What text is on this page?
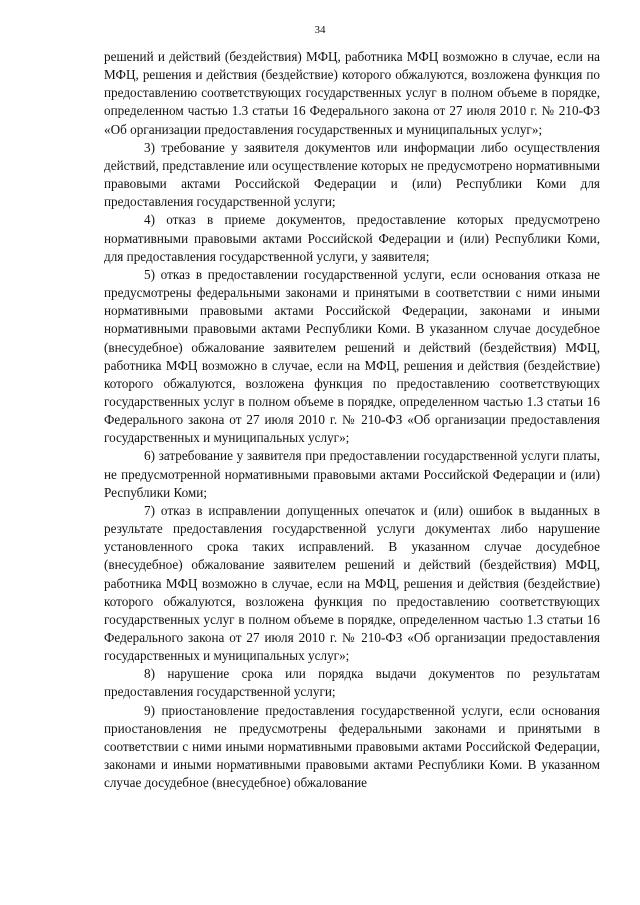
34

решений и действий (бездействия) МФЦ, работника МФЦ возможно в случае, если на МФЦ, решения и действия (бездействие) которого обжалуются, возложена функция по предоставлению соответствующих государственных услуг в полном объеме в порядке, определенном частью 1.3 статьи 16 Федерального закона от 27 июля 2010 г. № 210-ФЗ «Об организации предоставления государственных и муниципальных услуг»;

3) требование у заявителя документов или информации либо осуществления действий, представление или осуществление которых не предусмотрено нормативными правовыми актами Российской Федерации и (или) Республики Коми для предоставления государственной услуги;

4) отказ в приеме документов, предоставление которых предусмотрено нормативными правовыми актами Российской Федерации и (или) Республики Коми, для предоставления государственной услуги, у заявителя;

5) отказ в предоставлении государственной услуги, если основания отказа не предусмотрены федеральными законами и принятыми в соответствии с ними иными нормативными правовыми актами Российской Федерации, законами и иными нормативными правовыми актами Республики Коми. В указанном случае досудебное (внесудебное) обжалование заявителем решений и действий (бездействия) МФЦ, работника МФЦ возможно в случае, если на МФЦ, решения и действия (бездействие) которого обжалуются, возложена функция по предоставлению соответствующих государственных услуг в полном объеме в порядке, определенном частью 1.3 статьи 16 Федерального закона от 27 июля 2010 г. № 210-ФЗ «Об организации предоставления государственных и муниципальных услуг»;

6) затребование у заявителя при предоставлении государственной услуги платы, не предусмотренной нормативными правовыми актами Российской Федерации и (или) Республики Коми;

7) отказ в исправлении допущенных опечаток и (или) ошибок в выданных в результате предоставления государственной услуги документах либо нарушение установленного срока таких исправлений. В указанном случае досудебное (внесудебное) обжалование заявителем решений и действий (бездействия) МФЦ, работника МФЦ возможно в случае, если на МФЦ, решения и действия (бездействие) которого обжалуются, возложена функция по предоставлению соответствующих государственных услуг в полном объеме в порядке, определенном частью 1.3 статьи 16 Федерального закона от 27 июля 2010 г. № 210-ФЗ «Об организации предоставления государственных и муниципальных услуг»;

8) нарушение срока или порядка выдачи документов по результатам предоставления государственной услуги;

9) приостановление предоставления государственной услуги, если основания приостановления не предусмотрены федеральными законами и принятыми в соответствии с ними иными нормативными правовыми актами Российской Федерации, законами и иными нормативными правовыми актами Республики Коми. В указанном случае досудебное (внесудебное) обжалование
